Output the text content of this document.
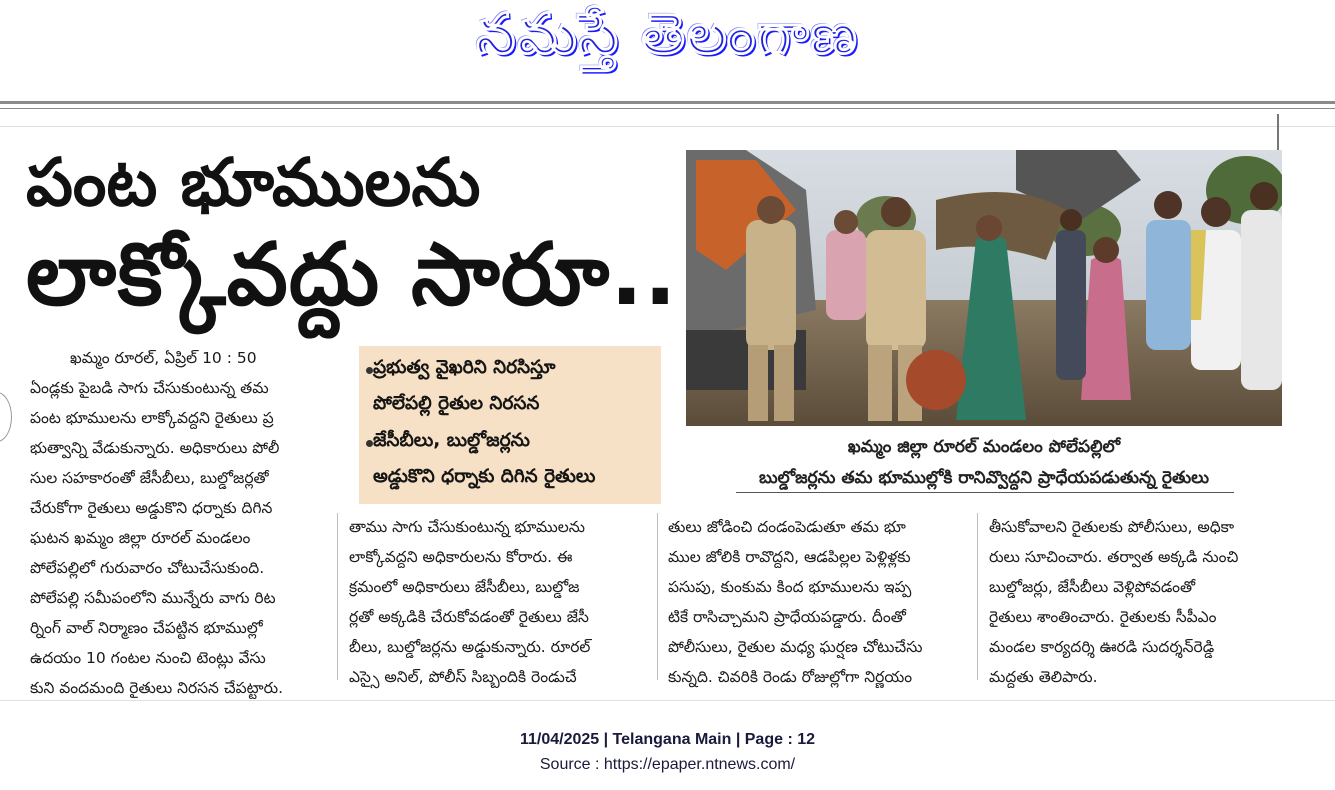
నమస్తే తెలంగాణ
పంట భూములను
లాక్కోవద్దు సారూ..
ఖమ్మం జిల్లా రూరల్ మండలం పోలేపల్లిలో
బుల్డోజర్లను తమ భూముల్లోకి రానివ్వొద్దని ప్రాధేయపడుతున్న రైతులు
ప్రభుత్వ వైఖరిని నిరసిస్తూ
పోలేపల్లి రైతుల నిరసన
జేసీబీలు, బుల్డోజర్లను
అడ్డుకొని ధర్నాకు దిగిన రైతులు
ఖమ్మం రూరల్, ఏప్రిల్ 10 : 50
ఏండ్లకు పైబడి సాగు చేసుకుంటున్న తమ
పంట భూములను లాక్కోవద్దని రైతులు ప్ర
భుత్వాన్ని వేడుకున్నారు. అధికారులు పోలీ
సుల సహకారంతో జేసీబీలు, బుల్డోజర్లతో
చేరుకోగా రైతులు అడ్డుకొని ధర్నాకు దిగిన
ఘటన ఖమ్మం జిల్లా రూరల్ మండలం
పోలేపల్లిలో గురువారం చోటుచేసుకుంది.
పోలేపల్లి సమీపంలోని మున్నేరు వాగు రిట
ర్నింగ్ వాల్ నిర్మాణం చేపట్టిన భూముల్లో
ఉదయం 10 గంటల నుంచి టెంట్లు వేసు
కుని వందమంది రైతులు నిరసన చేపట్టారు.
తాము సాగు చేసుకుంటున్న భూములను
లాక్కోవద్దని అధికారులను కోరారు. ఈ
క్రమంలో అధికారులు జేసీబీలు, బుల్డోజ
ర్లతో అక్కడికి చేరుకోవడంతో రైతులు జేసీ
బీలు, బుల్డోజర్లను అడ్డుకున్నారు. రూరల్
ఎస్సై అనిల్, పోలీస్ సిబ్బందికి రెండుచే
తులు జోడించి దండంపెడుతూ తమ భూ
ముల జోలికి రావొద్దని, ఆడపిల్లల పెళ్లిళ్లకు
పసుపు, కుంకుమ కింద భూములను ఇప్ప
టికే రాసిచ్చామని ప్రాధేయపడ్డారు. దీంతో
పోలీసులు, రైతుల మధ్య ఘర్షణ చోటుచేసు
కున్నది. చివరికి రెండు రోజుల్లోగా నిర్ణయం
తీసుకోవాలని రైతులకు పోలీసులు, అధికా
రులు సూచించారు. తర్వాత అక్కడి నుంచి
బుల్డోజర్లు, జేసీబీలు వెళ్లిపోవడంతో
రైతులు శాంతించారు. రైతులకు సీపీఎం
మండల కార్యదర్శి ఊరడి సుదర్శన్‌రెడ్డి
మద్దతు తెలిపారు.
11/04/2025 | Telangana Main | Page : 12
Source : https://epaper.ntnews.com/
